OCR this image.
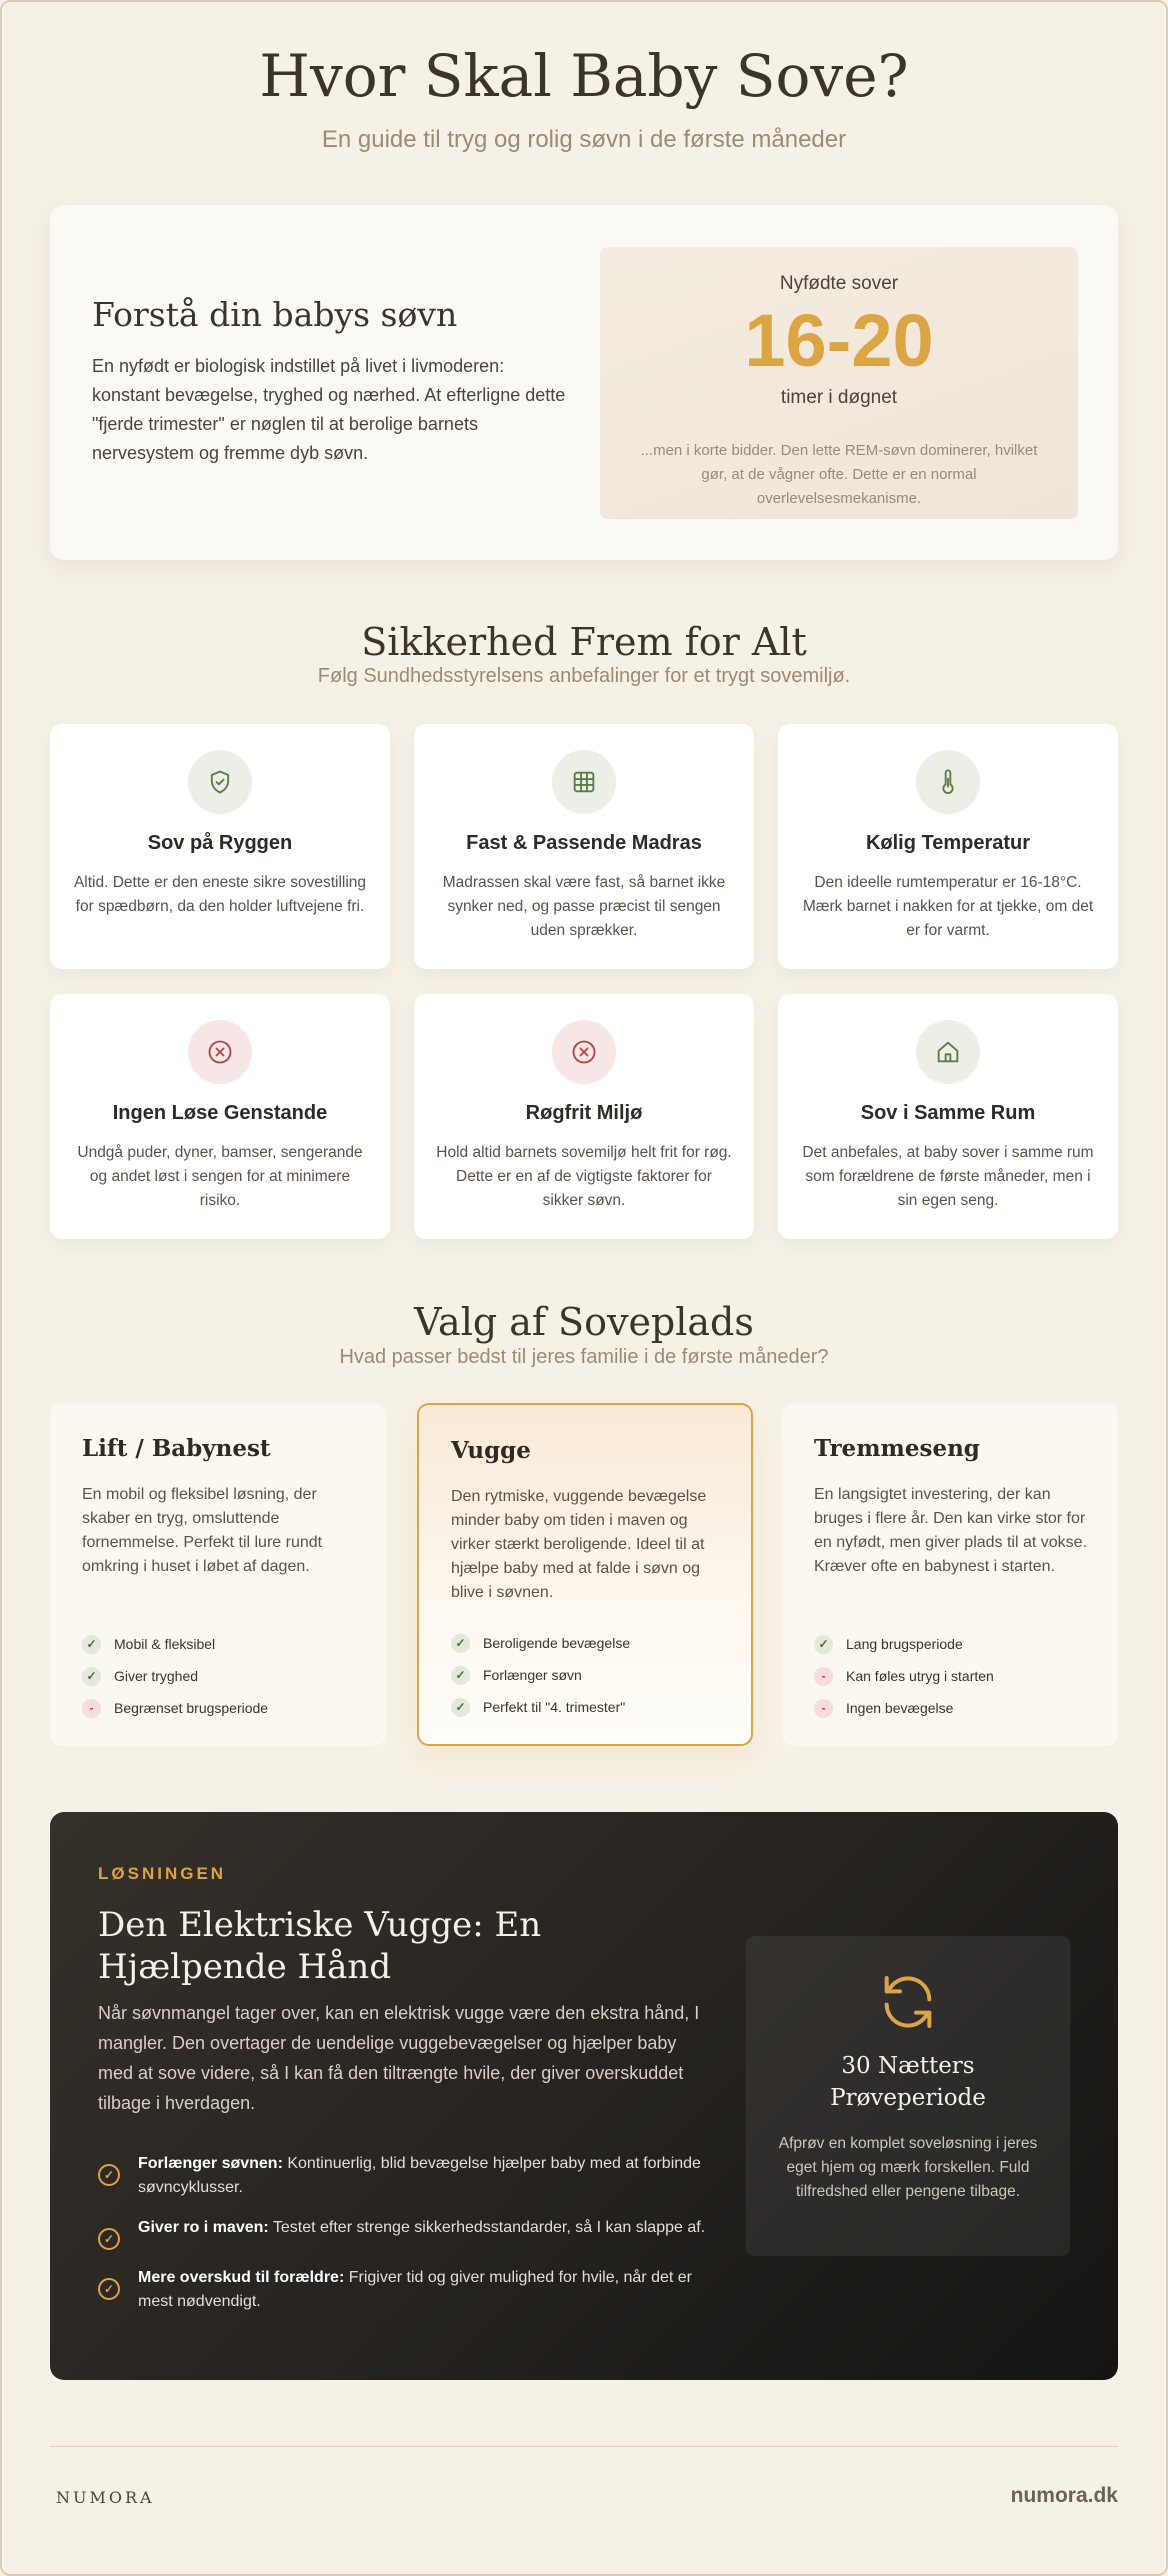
Hvor Skal Baby Sove?
En guide til tryg og rolig søvn i de første måneder
Forstå din babys søvn

En nyfødt er biologisk indstillet på livet i livmoderen: konstant bevægelse, tryghed og nærhed. At efterligne dette "fjerde trimester" er nøglen til at berolige barnets nervesystem og fremme dyb søvn.

Nyfødte sover
16-20
timer i døgnet
...men i korte bidder. Den lette REM-søvn dominerer, hvilket gør, at de vågner ofte. Dette er en normal overlevelsesmekanisme.
Sikkerhed Frem for Alt
Følg Sundhedsstyrelsens anbefalinger for et trygt sovemiljø.
Sov på Ryggen

Altid. Dette er den eneste sikre sovestilling for spædbørn, da den holder luftvejene fri.

Fast & Passende Madras

Madrassen skal være fast, så barnet ikke synker ned, og passe præcist til sengen uden sprækker.

Kølig Temperatur

Den ideelle rumtemperatur er 16-18°C. Mærk barnet i nakken for at tjekke, om det er for varmt.

Ingen Løse Genstande

Undgå puder, dyner, bamser, sengerande og andet løst i sengen for at minimere risiko.

Røgfrit Miljø

Hold altid barnets sovemiljø helt frit for røg. Dette er en af de vigtigste faktorer for sikker søvn.

Sov i Samme Rum

Det anbefales, at baby sover i samme rum som forældrene de første måneder, men i sin egen seng.

Valg af Soveplads
Hvad passer bedst til jeres familie i de første måneder?
Lift / Babynest
En mobil og fleksibel løsning, der skaber en tryg, omsluttende fornemmelse. Perfekt til lure rundt omkring i huset i løbet af dagen.
✓	Mobil & fleksibel
✓	Giver tryghed
-	Begrænset brugsperiode
Vugge
Den rytmiske, vuggende bevægelse minder baby om tiden i maven og virker stærkt beroligende. Ideel til at hjælpe baby med at falde i søvn og blive i søvnen.
✓	Beroligende bevægelse
✓	Forlænger søvn
✓	Perfekt til "4. trimester"
Tremmeseng
En langsigtet investering, der kan bruges i flere år. Den kan virke stor for en nyfødt, men giver plads til at vokse. Kræver ofte en babynest i starten.
✓	Lang brugsperiode
-	Kan føles utryg i starten
-	Ingen bevægelse
LØSNINGEN
Den Elektriske Vugge: En Hjælpende Hånd
Når søvnmangel tager over, kan en elektrisk vugge være den ekstra hånd, I mangler. Den overtager de uendelige vuggebevægelser og hjælper baby med at sove videre, så I kan få den tiltrængte hvile, der giver overskuddet tilbage i hverdagen.
✓
Forlænger søvnen: Kontinuerlig, blid bevægelse hjælper baby med at forbinde søvncyklusser.
✓
Giver ro i maven: Testet efter strenge sikkerhedsstandarder, så I kan slappe af.
✓
Mere overskud til forældre: Frigiver tid og giver mulighed for hvile, når det er mest nødvendigt.
30 Nætters Prøveperiode

Afprøv en komplet soveløsning i jeres eget hjem og mærk forskellen. Fuld tilfredshed eller pengene tilbage.

NUMORA	numora.dk
